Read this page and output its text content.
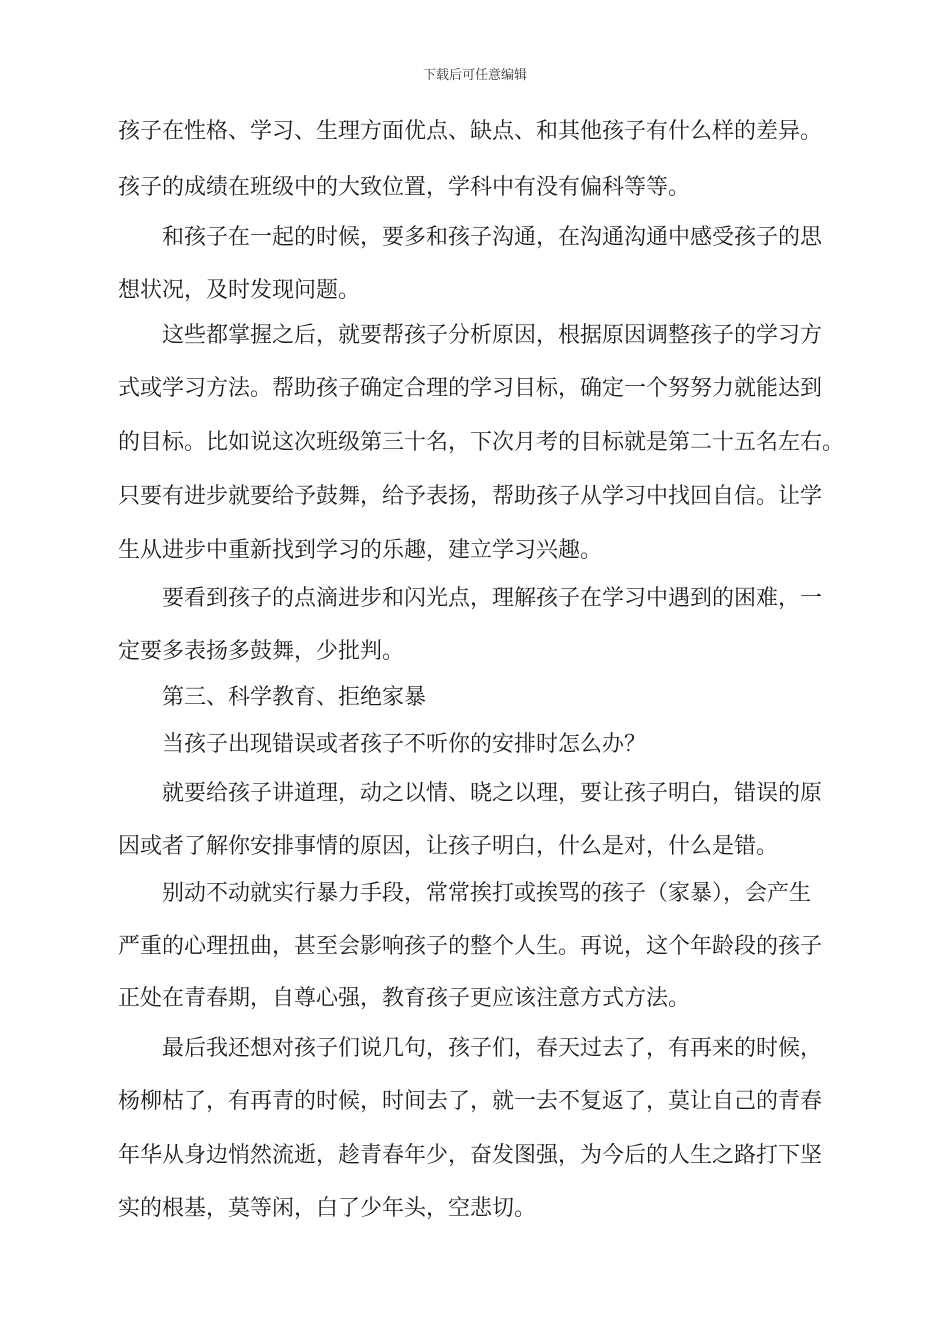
下载后可任意编辑
孩子在性格、学习、生理方面优点、缺点、和其他孩子有什么样的差异。
孩子的成绩在班级中的大致位置，学科中有没有偏科等等。
和孩子在一起的时候，要多和孩子沟通，在沟通沟通中感受孩子的思
想状况，及时发现问题。
这些都掌握之后，就要帮孩子分析原因，根据原因调整孩子的学习方
式或学习方法。帮助孩子确定合理的学习目标，确定一个努努力就能达到
的目标。比如说这次班级第三十名，下次月考的目标就是第二十五名左右。
只要有进步就要给予鼓舞，给予表扬，帮助孩子从学习中找回自信。让学
生从进步中重新找到学习的乐趣，建立学习兴趣。
要看到孩子的点滴进步和闪光点，理解孩子在学习中遇到的困难，一
定要多表扬多鼓舞，少批判。
第三、科学教育、拒绝家暴
当孩子出现错误或者孩子不听你的安排时怎么办？
就要给孩子讲道理，动之以情、晓之以理，要让孩子明白，错误的原
因或者了解你安排事情的原因，让孩子明白，什么是对，什么是错。
别动不动就实行暴力手段，常常挨打或挨骂的孩子（家暴），会产生
严重的心理扭曲，甚至会影响孩子的整个人生。再说，这个年龄段的孩子
正处在青春期，自尊心强，教育孩子更应该注意方式方法。
最后我还想对孩子们说几句，孩子们，春天过去了，有再来的时候，
杨柳枯了，有再青的时候，时间去了，就一去不复返了，莫让自己的青春
年华从身边悄然流逝，趁青春年少，奋发图强，为今后的人生之路打下坚
实的根基，莫等闲，白了少年头，空悲切。
